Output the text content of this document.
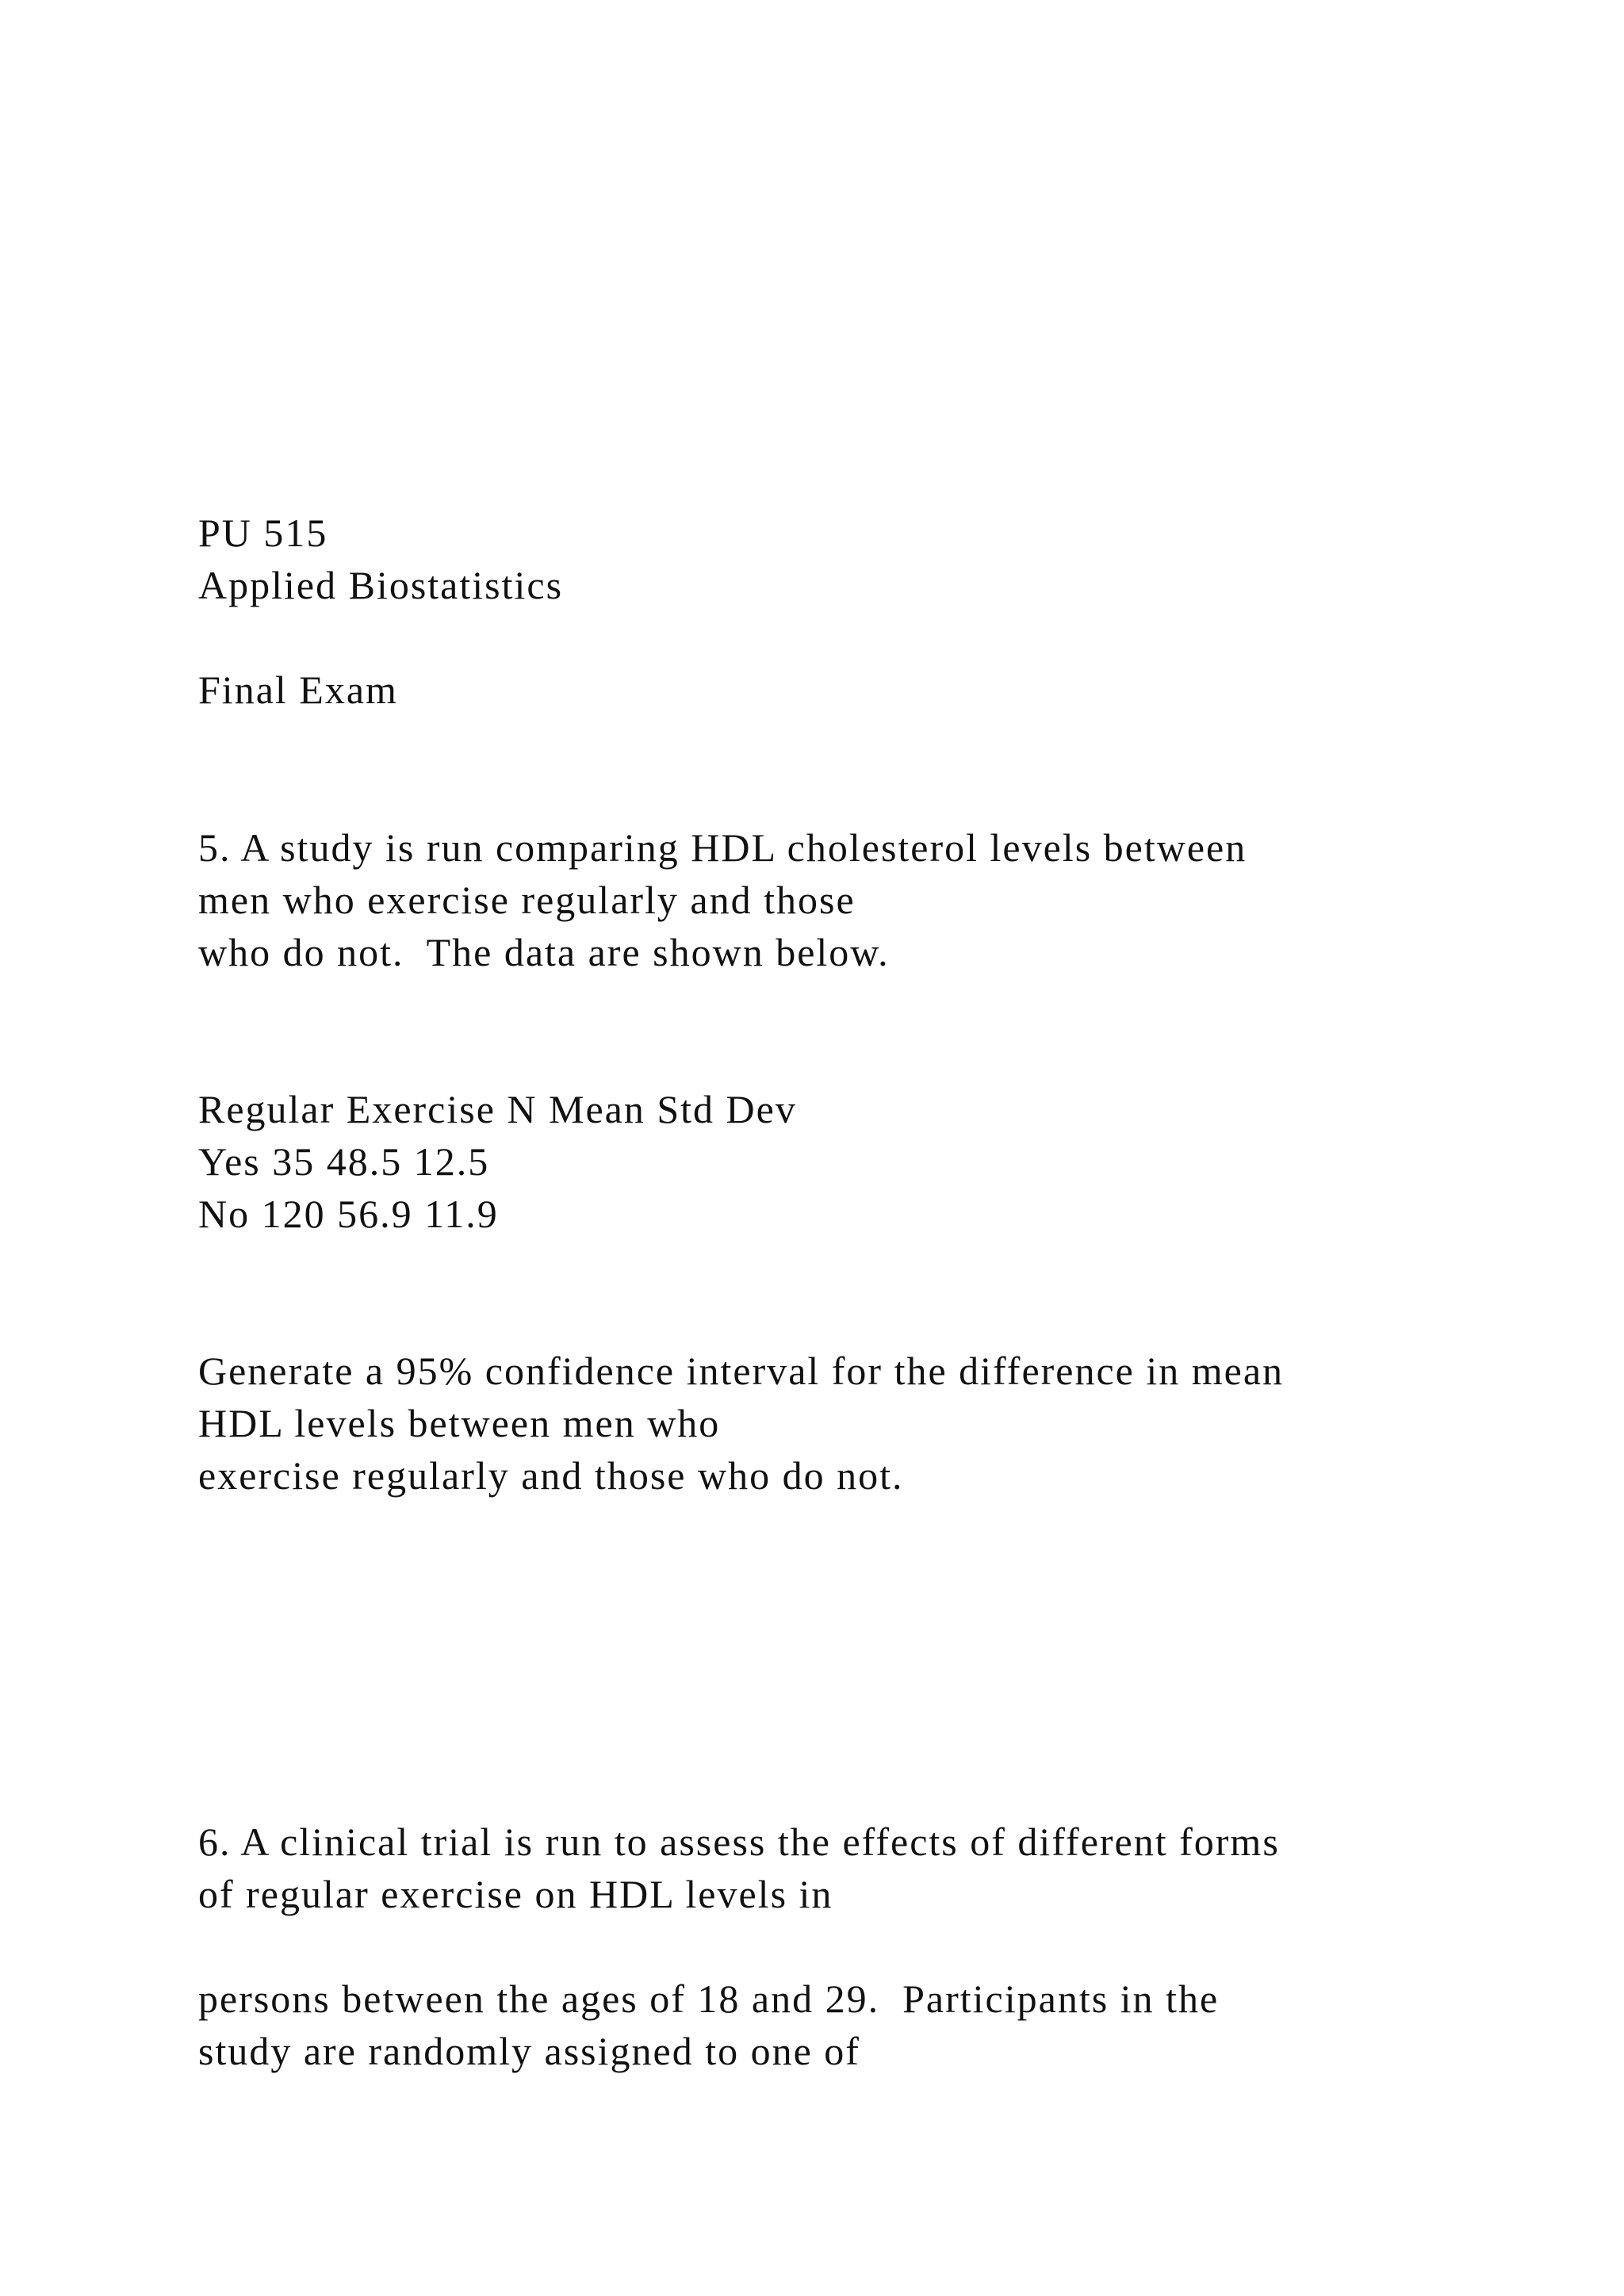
PU 515

Applied Biostatistics

Final Exam

5. A study is run comparing HDL cholesterol levels between

men who exercise regularly and those

who do not.  The data are shown below.

Regular Exercise N Mean Std Dev

Yes 35 48.5 12.5

No 120 56.9 11.9

Generate a 95% confidence interval for the difference in mean

HDL levels between men who

exercise regularly and those who do not.

6. A clinical trial is run to assess the effects of different forms

of regular exercise on HDL levels in

persons between the ages of 18 and 29.  Participants in the

study are randomly assigned to one of
